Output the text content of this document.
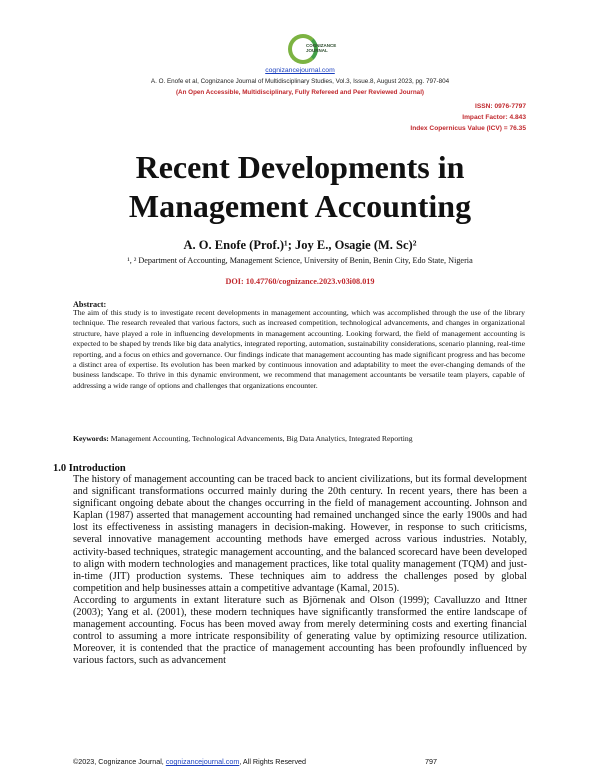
COGNIZANCE JOURNAL
cognizancejournal.com
A. O. Enofe et al, Cognizance Journal of Multidisciplinary Studies, Vol.3, Issue.8, August 2023, pg. 797-804
(An Open Accessible, Multidisciplinary, Fully Refereed and Peer Reviewed Journal)
ISSN: 0976-7797
Impact Factor: 4.843
Index Copernicus Value (ICV) = 76.35
Recent Developments in
Management Accounting
A. O. Enofe (Prof.)¹; Joy E., Osagie (M. Sc)²
¹, ² Department of Accounting, Management Science, University of Benin, Benin City, Edo State, Nigeria
DOI: 10.47760/cognizance.2023.v03i08.019
Abstract:
The aim of this study is to investigate recent developments in management accounting, which was accomplished through the use of the library technique. The research revealed that various factors, such as increased competition, technological advancements, and changes in organizational structure, have played a role in influencing developments in management accounting. Looking forward, the field of management accounting is expected to be shaped by trends like big data analytics, integrated reporting, automation, sustainability considerations, scenario planning, real-time reporting, and a focus on ethics and governance. Our findings indicate that management accounting has made significant progress and has become a distinct area of expertise. Its evolution has been marked by continuous innovation and adaptability to meet the ever-changing demands of the business landscape. To thrive in this dynamic environment, we recommend that management accountants be versatile team players, capable of addressing a wide range of options and challenges that organizations encounter.
Keywords: Management Accounting, Technological Advancements, Big Data Analytics, Integrated Reporting
1.0 Introduction

The history of management accounting can be traced back to ancient civilizations, but its formal development and significant transformations occurred mainly during the 20th century. In recent years, there has been a significant ongoing debate about the changes occurring in the field of management accounting. Johnson and Kaplan (1987) asserted that management accounting had remained unchanged since the early 1900s and had lost its effectiveness in assisting managers in decision-making. However, in response to such criticisms, several innovative management accounting methods have emerged across various industries. Notably, activity-based techniques, strategic management accounting, and the balanced scorecard have been developed to align with modern technologies and management practices, like total quality management (TQM) and just-in-time (JIT) production systems. These techniques aim to address the challenges posed by global competition and help businesses attain a competitive advantage (Kamal, 2015).

According to arguments in extant literature such as Björnenak and Olson (1999); Cavalluzzo and Ittner (2003); Yang et al. (2001), these modern techniques have significantly transformed the entire landscape of management accounting. Focus has been moved away from merely determining costs and exerting financial control to assuming a more intricate responsibility of generating value by optimizing resource utilization. Moreover, it is contended that the practice of management accounting has been profoundly influenced by various factors, such as advancement

©2023, Cognizance Journal, cognizancejournal.com, All Rights Reserved	797
